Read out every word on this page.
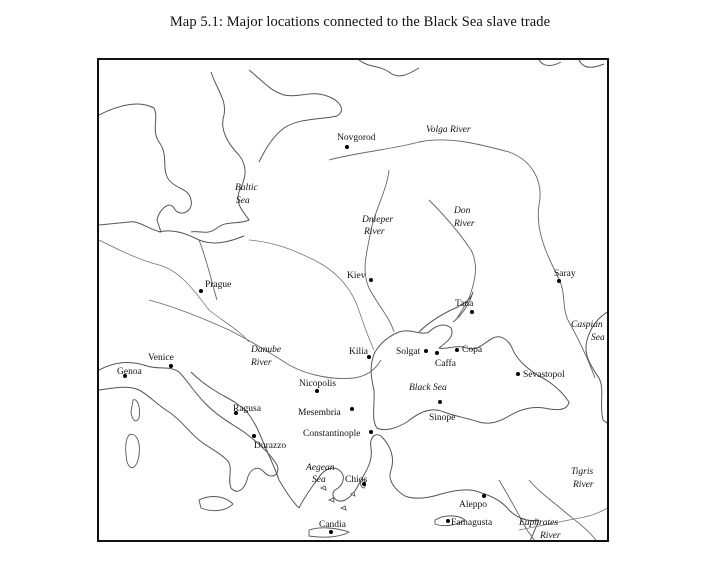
Map 5.1: Major locations connected to the Black Sea slave trade
Novgorod
Prague
Kiev	Saray
Tana
Kilia	Solgat
Caffa
Copa
Sevastopol
Venice
Genoa
Nicopolis
Ragusa	Mesembria	Sinope
Durazzo
Constantinople
Chios
Aleppo
Famagusta
Candia
Volga River
Baltic
Sea
Dnieper
River
Don
River
Caspian
Sea
Danube
River
Black Sea
Aegean
Sea
Tigris
River
Euphrates
River
